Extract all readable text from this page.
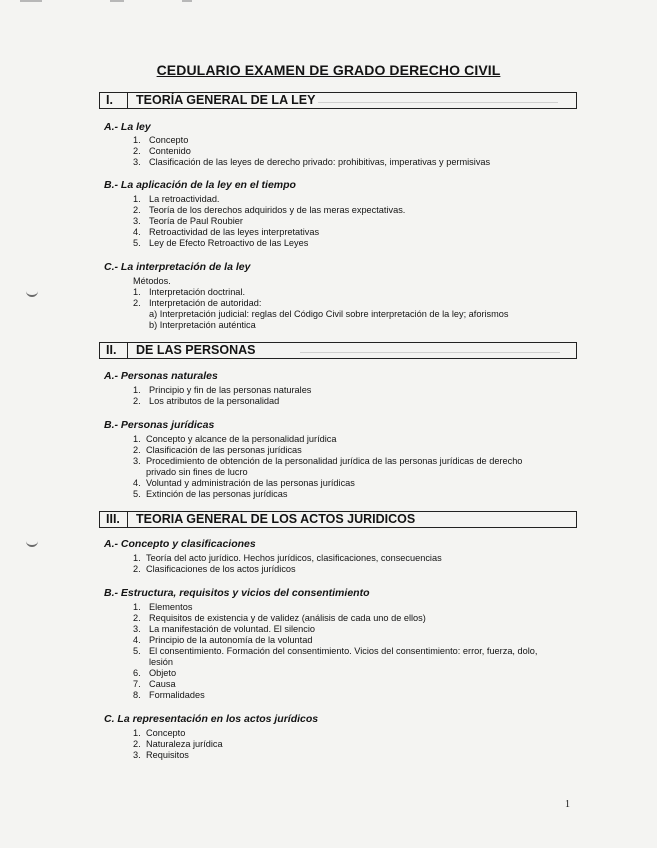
CEDULARIO EXAMEN DE GRADO DERECHO CIVIL
I. TEORÍA GENERAL DE LA LEY
A.- La ley
1. Concepto
2. Contenido
3. Clasificación de las leyes de derecho privado: prohibitivas, imperativas y permisivas
B.- La aplicación de la ley en el tiempo
1. La retroactividad.
2. Teoría de los derechos adquiridos y de las meras expectativas.
3. Teoría de Paul Roubier
4. Retroactividad de las leyes interpretativas
5. Ley de Efecto Retroactivo de las Leyes
C.- La interpretación de la ley
Métodos.
1. Interpretación doctrinal.
2. Interpretación de autoridad:
a) Interpretación judicial: reglas del Código Civil sobre interpretación de la ley; aforismos
b) Interpretación auténtica
II. DE LAS PERSONAS
A.- Personas naturales
1. Principio y fin de las personas naturales
2. Los atributos de la personalidad
B.- Personas jurídicas
1. Concepto y alcance de la personalidad jurídica
2. Clasificación de las personas jurídicas
3. Procedimiento de obtención de la personalidad jurídica de las personas jurídicas de derecho
privado sin fines de lucro
4. Voluntad y administración de las personas jurídicas
5. Extinción de las personas jurídicas
III. TEORIA GENERAL DE LOS ACTOS JURIDICOS
A.- Concepto y clasificaciones
1. Teoría del acto jurídico. Hechos jurídicos, clasificaciones, consecuencias
2. Clasificaciones de los actos jurídicos
B.- Estructura, requisitos y vicios del consentimiento
1. Elementos
2. Requisitos de existencia y de validez (análisis de cada uno de ellos)
3. La manifestación de voluntad. El silencio
4. Principio de la autonomía de la voluntad
5. El consentimiento. Formación del consentimiento. Vicios del consentimiento: error, fuerza, dolo,
lesión
6. Objeto
7. Causa
8. Formalidades
C. La representación en los actos jurídicos
1. Concepto
2. Naturaleza jurídica
3. Requisitos
1
